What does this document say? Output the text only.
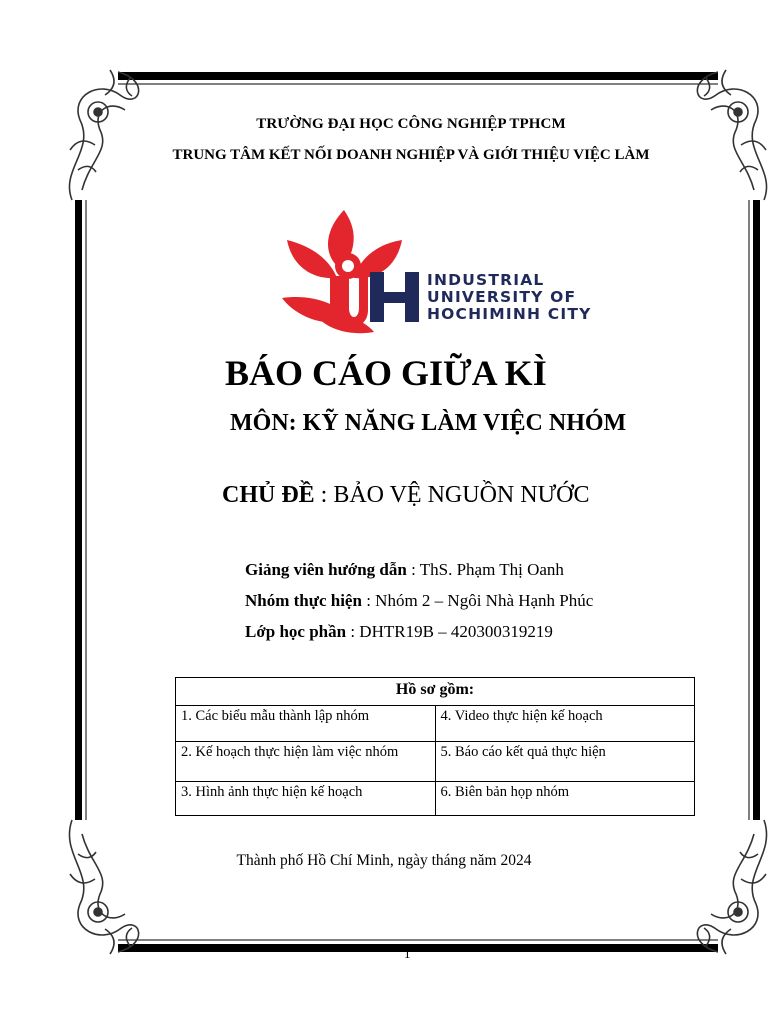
TRƯỜNG ĐẠI HỌC CÔNG NGHIỆP TPHCM
TRUNG TÂM KẾT NỐI DOANH NGHIỆP VÀ GIỚI THIỆU VIỆC LÀM
INDUSTRIAL
UNIVERSITY OF
HOCHIMINH CITY
BÁO CÁO GIỮA KÌ
MÔN: KỸ NĂNG LÀM VIỆC NHÓM
CHỦ ĐỀ : BẢO VỆ NGUỒN NƯỚC
Giảng viên hướng dẫn : ThS. Phạm Thị Oanh
Nhóm thực hiện : Nhóm 2 – Ngôi Nhà Hạnh Phúc
Lớp học phần : DHTR19B – 420300319219
Hồ sơ gồm:	
1. Các biểu mẫu thành lập nhóm	4. Video thực hiện kế hoạch
2. Kế hoạch thực hiện làm việc nhóm	5. Báo cáo kết quả thực hiện
3. Hình ảnh thực hiện kế hoạch	6. Biên bản họp nhóm
Thành phố Hồ Chí Minh, ngày tháng năm 2024
1
